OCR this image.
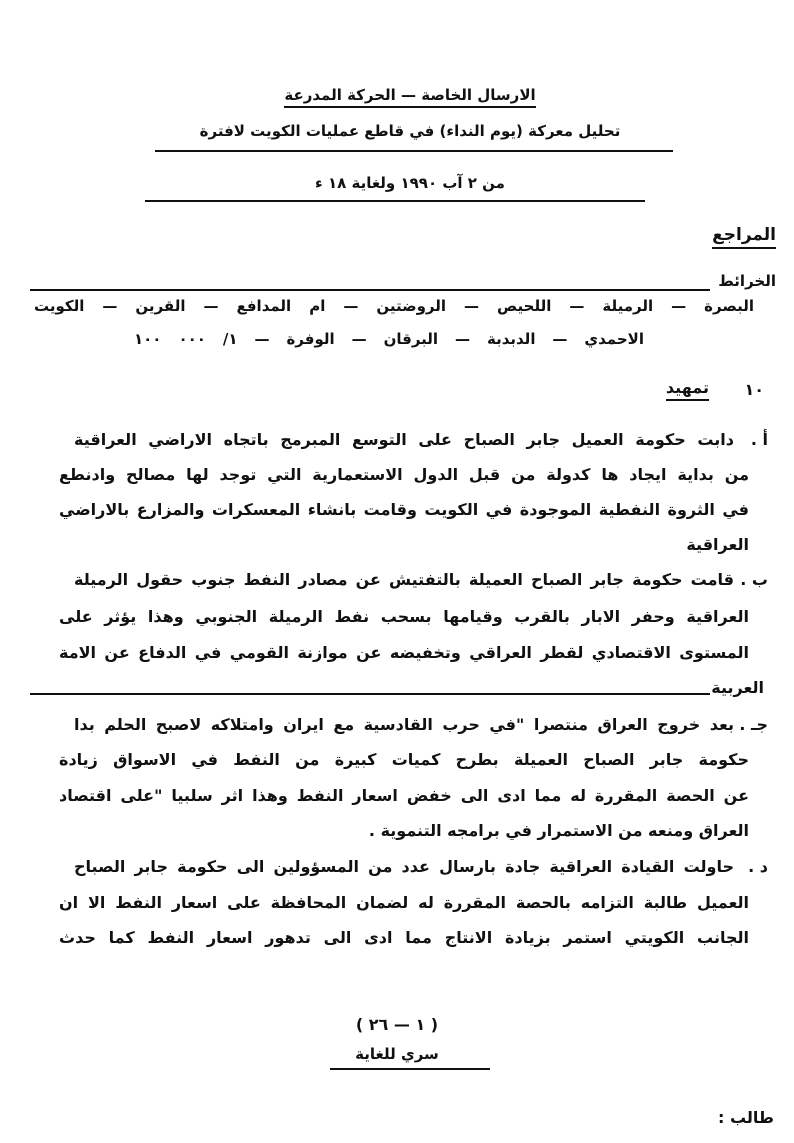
الارسال الخاصة — الحركة المدرعة
تحليل معركة (يوم النداء) في قاطع عمليات الكويت لافترة
من ٢ آب ١٩٩٠ ولغاية ١٨ ء
المراجع
الخرائط
البصرة — الرميلة — اللحيص — الروضتين — ام المدافع — القرين — الكويت
الاحمدي — الدبدبة — البرقان — الوفرة — ١/ ٠٠٠ ١٠٠
١٠
تمهيد
أ .
دابت حكومة العميل جابر الصباح على التوسع المبرمج باتجاه الاراضي العراقية
من بداية ايجاد ها كدولة من قبل الدول الاستعمارية التي توجد لها مصالح وادنطع
في الثروة النفطية الموجودة في الكويت وقامت بانشاء المعسكرات والمزارع بالاراضي
العراقية
ب .
قامت حكومة جابر الصباح العميلة بالتفتيش عن مصادر النفط جنوب حقول الرميلة
العراقية وحفر الابار بالقرب وقيامها بسحب نفط الرميلة الجنوبي وهذا يؤثر على
المستوى الاقتصادي لقطر العراقي وتخفيضه عن موازنة القومي في الدفاع عن الامة
العربية
جـ .
بعد خروج العراق منتصرا "في حرب القادسية مع ايران وامتلاكه لاصبح الحلم بدا
حكومة جابر الصباح العميلة بطرح كميات كبيرة من النفط في الاسواق زيادة
عن الحصة المقررة له مما ادى الى خفض اسعار النفط وهذا اثر سلبيا "على اقتصاد
العراق ومنعه من الاستمرار في برامجه التنموية .
د .
حاولت القيادة العراقية جادة بارسال عدد من المسؤولين الى حكومة جابر الصباح
العميل طالبة التزامه بالحصة المقررة له لضمان المحافظة على اسعار النفط الا ان
الجانب الكويتي استمر بزيادة الانتاج مما ادى الى تدهور اسعار النفط كما حدث
( ١ — ٢٦ )
سري للغاية
طالب :
